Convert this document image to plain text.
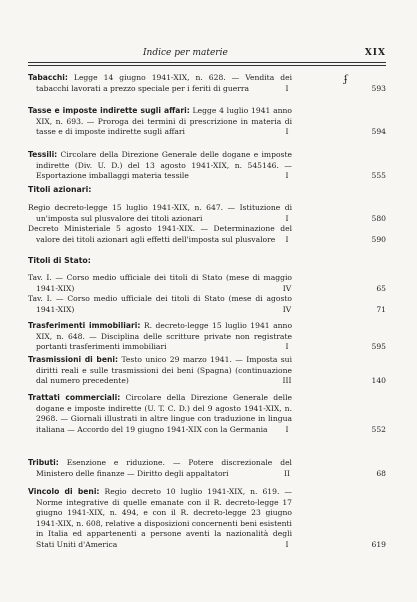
Indice per materie	XIX
ʄ
Tabacchi: Legge 14 giugno 1941-XIX, n. 628. — Vendita dei tabacchi lavorati a prezzo speciale per i feriti di guerra	I	593
Tasse e imposte indirette sugli affari: Legge 4 luglio 1941 anno XIX, n. 693. — Proroga dei termini di prescrizione in materia di tasse e di imposte indirette sugli affari	I	594
Tessili: Circolare della Direzione Generale delle dogane e imposte indirette (Div. U. D.) del 13 agosto 1941-XIX, n. 545146. — Esportazione imballaggi materia tessile	I	555
Titoli azionari:
Regio decreto-legge 15 luglio 1941-XIX, n. 647. — Istituzione di un'imposta sul plusvalore dei titoli azionari	I	580
Decreto Ministeriale 5 agosto 1941-XIX. — Determinazione del valore dei titoli azionari agli effetti dell'imposta sul plusvalore	I	590
Titoli di Stato:
Tav. I. — Corso medio ufficiale dei titoli di Stato (mese di maggio 1941-XIX)	IV	65
Tav. I. — Corso medio ufficiale dei titoli di Stato (mese di agosto 1941-XIX)	IV	71
Trasferimenti immobiliari: R. decreto-legge 15 luglio 1941 anno XIX, n. 648. — Disciplina delle scritture private non registrate portanti trasferimenti immobiliari	I	595
Trasmissioni di beni: Testo unico 29 marzo 1941. — Imposta sui diritti reali e sulle trasmissioni dei beni (Spagna) (continuazione dal numero precedente)	III	140
Trattati commerciali: Circolare della Direzione Generale delle dogane e imposte indirette (U. T. C. D.) del 9 agosto 1941-XIX, n. 2968. — Giornali illustrati in altre lingue con traduzione in lingua italiana — Accordo del 19 giugno 1941-XIX con la Germania	I	552
Tributi: Esenzione e riduzione. — Potere discrezionale del Ministero delle finanze — Diritto degli appaltatori	II	68
Vincolo di beni: Regio decreto 10 luglio 1941-XIX, n. 619. — Norme integrative di quelle emanate con il R. decreto-legge 17 giugno 1941-XIX, n. 494, e con il R. decreto-legge 23 giugno 1941-XIX, n. 608, relative a disposizioni concernenti beni esistenti in Italia ed appartenenti a persone aventi la nazionalità degli Stati Uniti d'America	I	619
